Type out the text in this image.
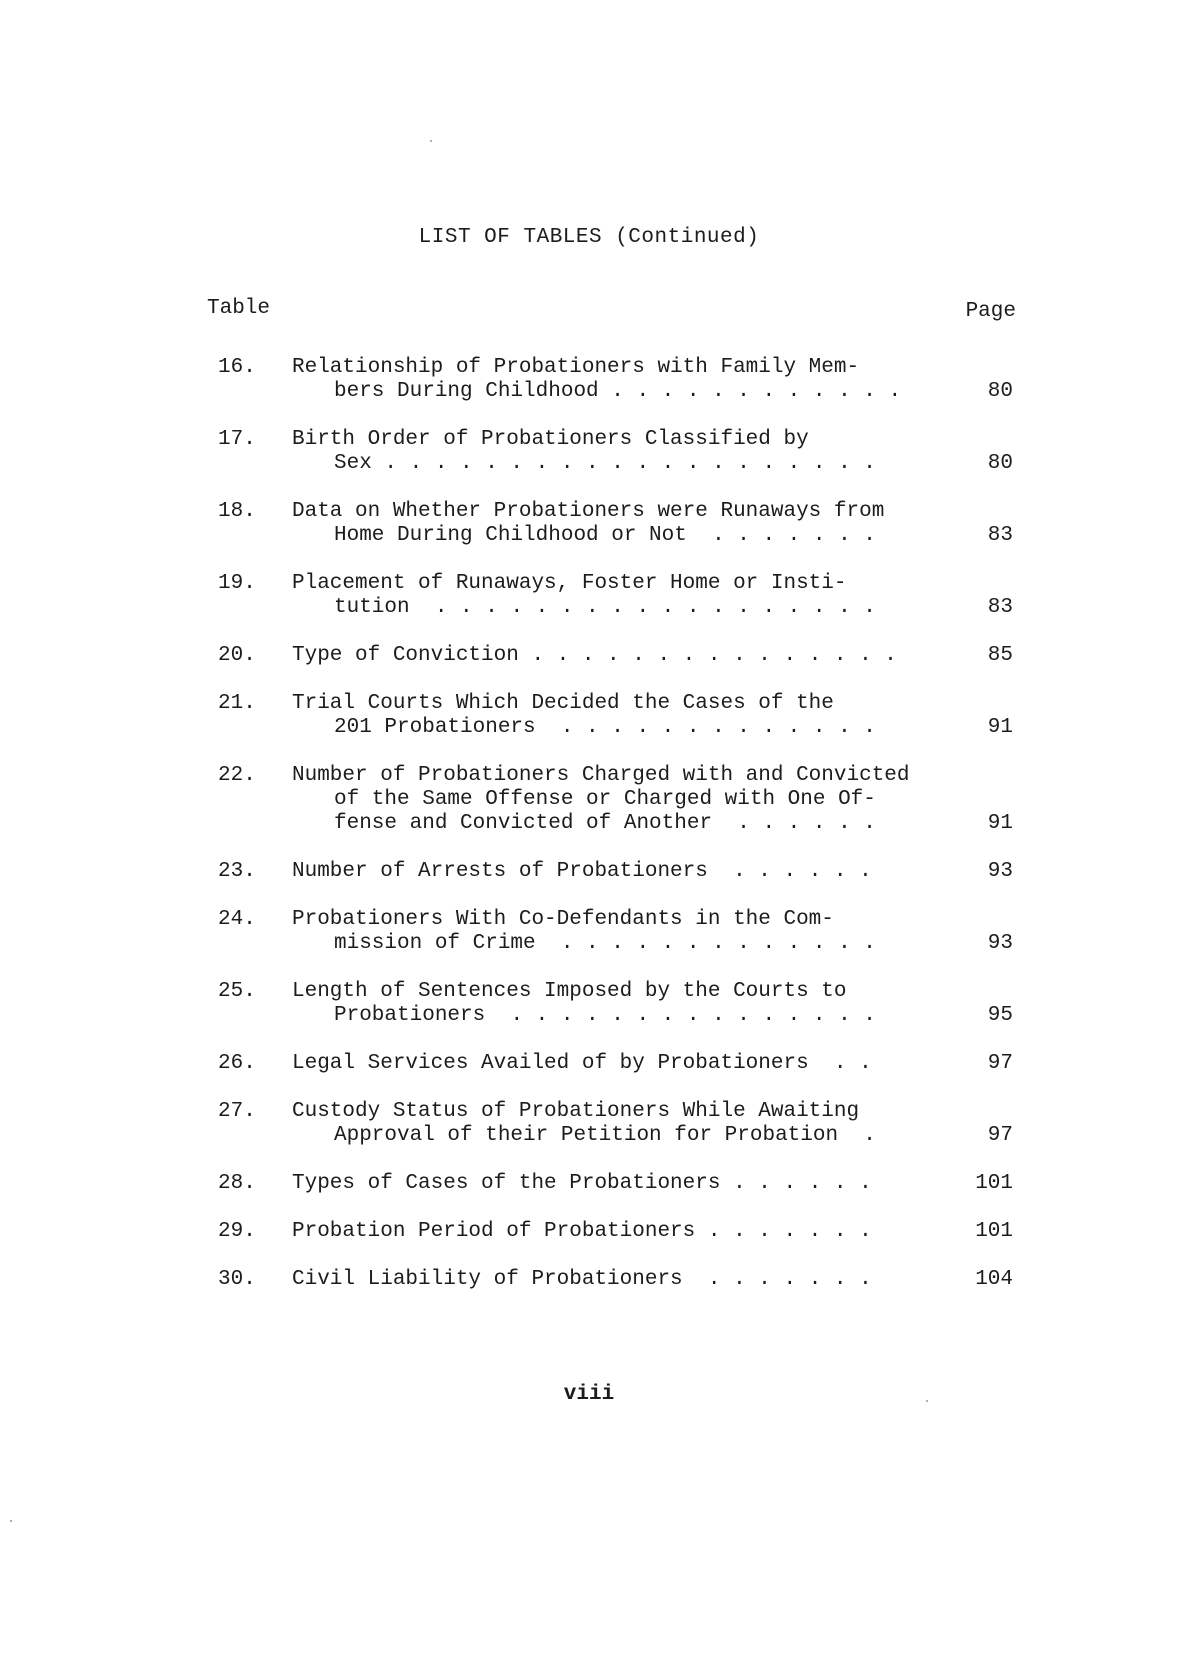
LIST OF TABLES (Continued)
Table	Page
16.	Relationship of Probationers with Family Mem-
bers During Childhood . . . . . . . . . . . .	80
17.	Birth Order of Probationers Classified by
Sex . . . . . . . . . . . . . . . . . . . .	80
18.	Data on Whether Probationers were Runaways from
Home During Childhood or Not  . . . . . . .	83
19.	Placement of Runaways, Foster Home or Insti-
tution  . . . . . . . . . . . . . . . . . .	83
20.	Type of Conviction . . . . . . . . . . . . . . .	85
21.	Trial Courts Which Decided the Cases of the
201 Probationers  . . . . . . . . . . . . .	91
22.	Number of Probationers Charged with and Convicted
of the Same Offense or Charged with One Of-
fense and Convicted of Another  . . . . . .	91
23.	Number of Arrests of Probationers  . . . . . .	93
24.	Probationers With Co-Defendants in the Com-
mission of Crime  . . . . . . . . . . . . .	93
25.	Length of Sentences Imposed by the Courts to
Probationers  . . . . . . . . . . . . . . .	95
26.	Legal Services Availed of by Probationers  . .	97
27.	Custody Status of Probationers While Awaiting
Approval of their Petition for Probation  .	97
28.	Types of Cases of the Probationers . . . . . .	101
29.	Probation Period of Probationers . . . . . . .	101
30.	Civil Liability of Probationers  . . . . . . .	104
viii
